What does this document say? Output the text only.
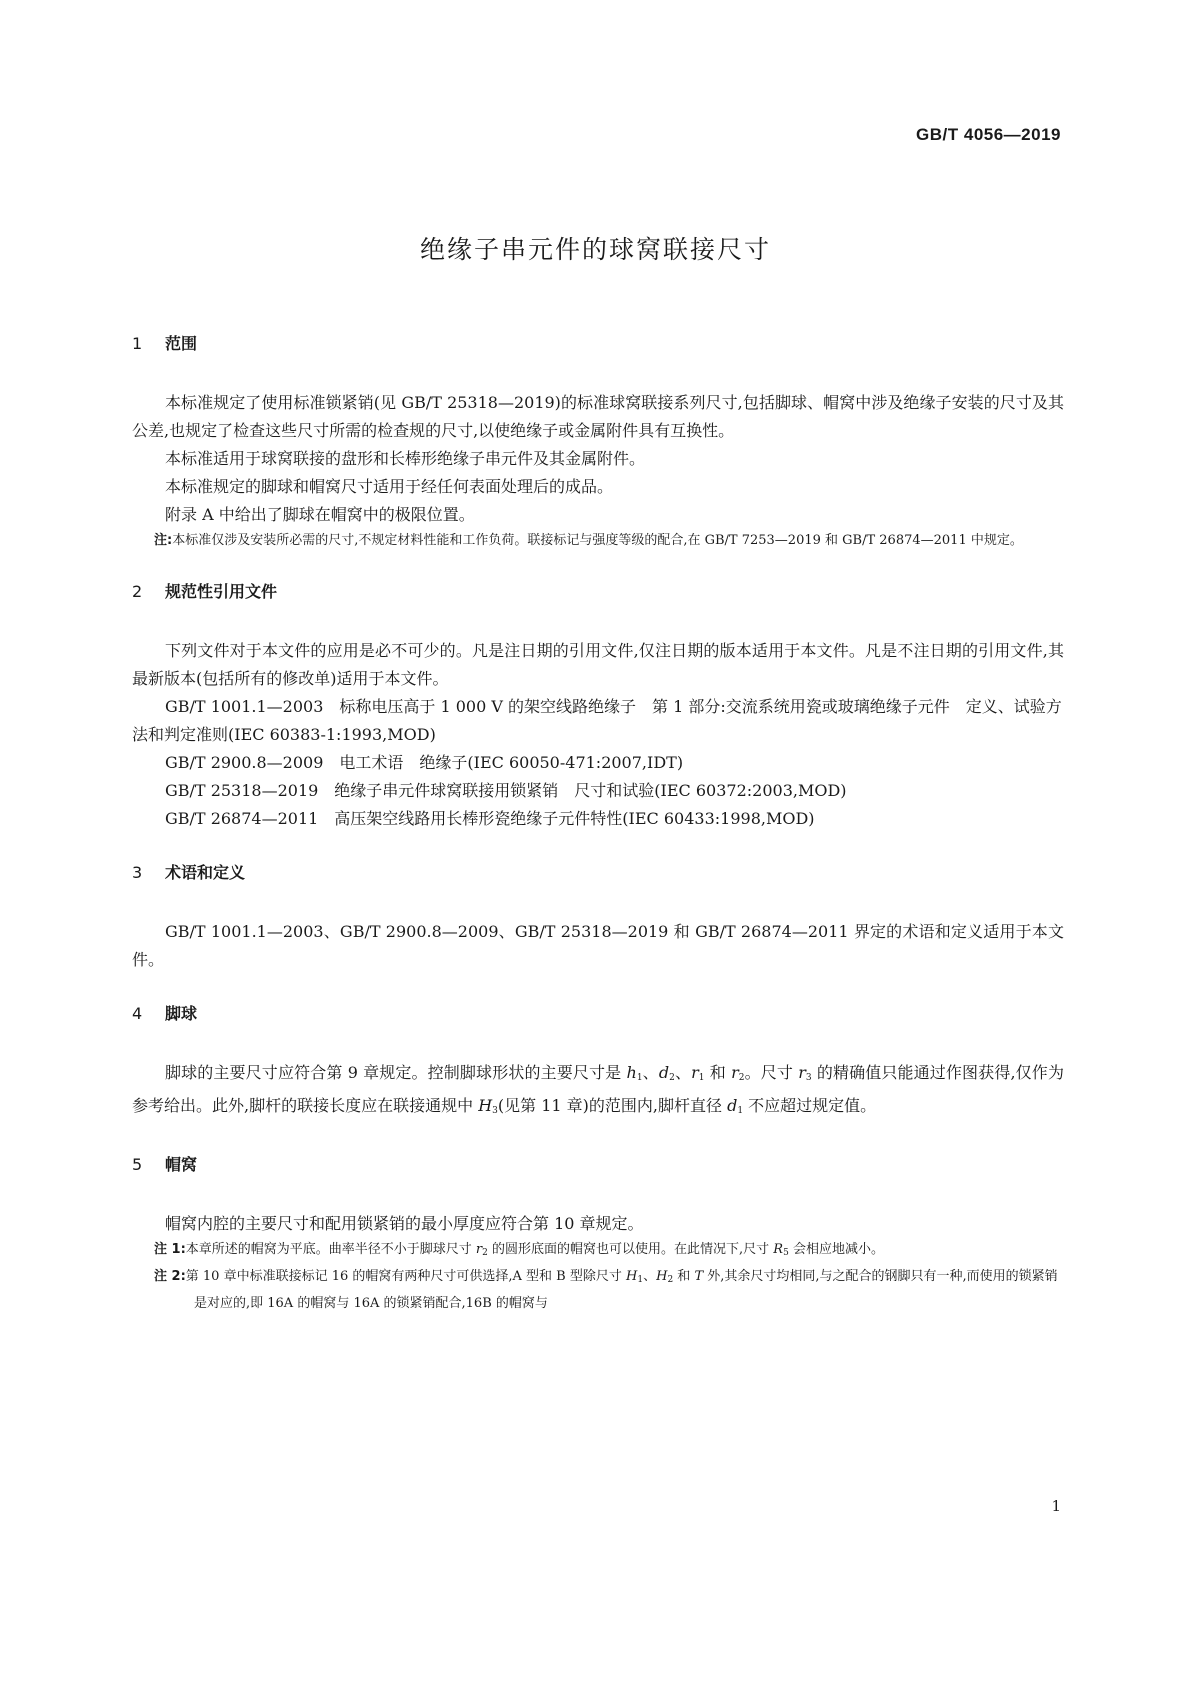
GB/T 4056—2019
绝缘子串元件的球窝联接尺寸
1 范围

本标准规定了使用标准锁紧销(见 GB/T 25318—2019)的标准球窝联接系列尺寸,包括脚球、帽窝中涉及绝缘子安装的尺寸及其公差,也规定了检查这些尺寸所需的检查规的尺寸,以使绝缘子或金属附件具有互换性。

本标准适用于球窝联接的盘形和长棒形绝缘子串元件及其金属附件。

本标准规定的脚球和帽窝尺寸适用于经任何表面处理后的成品。

附录 A 中给出了脚球在帽窝中的极限位置。

注:本标准仅涉及安装所必需的尺寸,不规定材料性能和工作负荷。联接标记与强度等级的配合,在 GB/T 7253—2019 和 GB/T 26874—2011 中规定。

2 规范性引用文件

下列文件对于本文件的应用是必不可少的。凡是注日期的引用文件,仅注日期的版本适用于本文件。凡是不注日期的引用文件,其最新版本(包括所有的修改单)适用于本文件。

GB/T 1001.1—2003　标称电压高于 1 000 V 的架空线路绝缘子　第 1 部分:交流系统用瓷或玻璃绝缘子元件　定义、试验方法和判定准则(IEC 60383-1:1993,MOD)

GB/T 2900.8—2009　电工术语　绝缘子(IEC 60050-471:2007,IDT)

GB/T 25318—2019　绝缘子串元件球窝联接用锁紧销　尺寸和试验(IEC 60372:2003,MOD)

GB/T 26874—2011　高压架空线路用长棒形瓷绝缘子元件特性(IEC 60433:1998,MOD)

3 术语和定义

GB/T 1001.1—2003、GB/T 2900.8—2009、GB/T 25318—2019 和 GB/T 26874—2011 界定的术语和定义适用于本文件。

4 脚球

脚球的主要尺寸应符合第 9 章规定。控制脚球形状的主要尺寸是 $h_1$、$d_2$、$r_1$ 和 $r_2$。尺寸 $r_3$ 的精确值只能通过作图获得,仅作为参考给出。此外,脚杆的联接长度应在联接通规中 $H_3$(见第 11 章)的范围内,脚杆直径 $d_1$ 不应超过规定值。

5 帽窝

帽窝内腔的主要尺寸和配用锁紧销的最小厚度应符合第 10 章规定。

注 1:本章所述的帽窝为平底。曲率半径不小于脚球尺寸 $r_2$ 的圆形底面的帽窝也可以使用。在此情况下,尺寸 $R_5$ 会相应地减小。

注 2:第 10 章中标准联接标记 16 的帽窝有两种尺寸可供选择,A 型和 B 型除尺寸 $H_1$、$H_2$ 和 T 外,其余尺寸均相同,与之配合的钢脚只有一种,而使用的锁紧销是对应的,即 16A 的帽窝与 16A 的锁紧销配合,16B 的帽窝与

1
